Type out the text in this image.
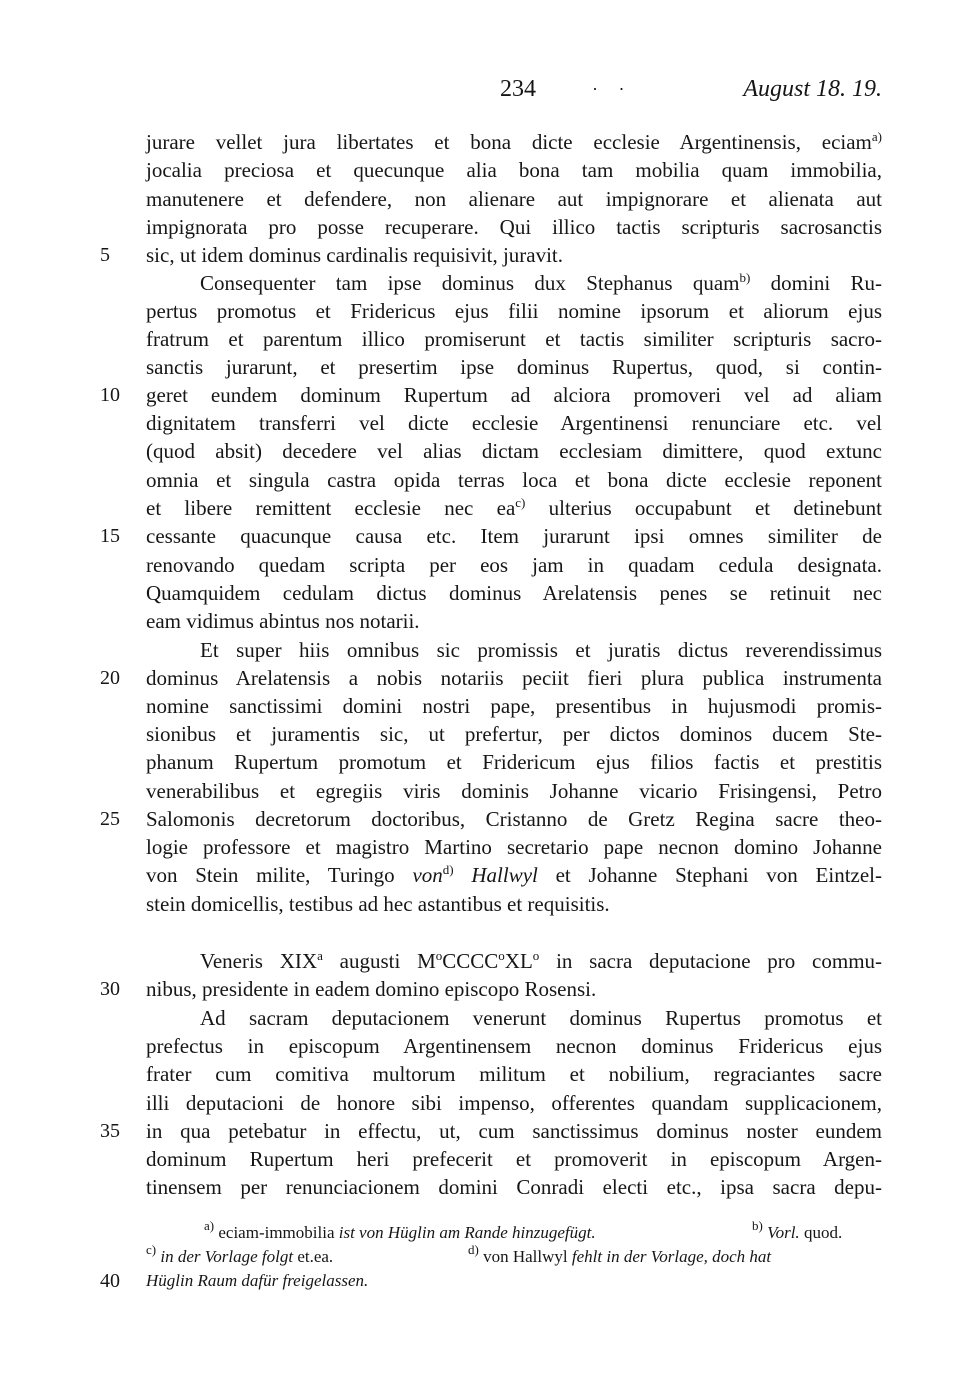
234	· ·	August 18. 19.
5
10
15
20
25
30
35
40
jurare vellet jura libertates et bona dicte ecclesie Argentinensis, eciam$^{a)}$
jocalia preciosa et quecunque alia bona tam mobilia quam immobilia,
manutenere et defendere, non alienare aut impignorare et alienata aut
impignorata pro posse recuperare. Qui illico tactis scripturis sacrosanctis
sic, ut idem dominus cardinalis requisivit, juravit.
Consequenter tam ipse dominus dux Stephanus quam$^{b)}$ domini Ru-
pertus promotus et Fridericus ejus filii nomine ipsorum et aliorum ejus
fratrum et parentum illico promiserunt et tactis similiter scripturis sacro-
sanctis jurarunt, et presertim ipse dominus Rupertus, quod, si contin-
geret eundem dominum Rupertum ad alciora promoveri vel ad aliam
dignitatem transferri vel dicte ecclesie Argentinensi renunciare etc. vel
(quod absit) decedere vel alias dictam ecclesiam dimittere, quod extunc
omnia et singula castra opida terras loca et bona dicte ecclesie reponent
et libere remittent ecclesie nec $ea^{c)}$ ulterius occupabunt et detinebunt
cessante quacunque causa etc. Item jurarunt ipsi omnes similiter de
renovando quedam scripta per eos jam in quadam cedula designata.
Quamquidem cedulam dictus dominus Arelatensis penes se retinuit nec
eam vidimus abintus nos notarii.
Et super hiis omnibus sic promissis et juratis dictus reverendissimus
dominus Arelatensis a nobis notariis peciit fieri plura publica instrumenta
nomine sanctissimi domini nostri pape, presentibus in hujusmodi promis-
sionibus et juramentis sic, ut prefertur, per dictos dominos ducem Ste-
phanum Rupertum promotum et Fridericum ejus filios factis et prestitis
venerabilibus et egregiis viris dominis Johanne vicario Frisingensi, Petro
Salomonis decretorum doctoribus, Cristanno de Gretz Regina sacre theo-
logie professore et magistro Martino secretario pape necnon domino Johanne
von Stein milite, Turingo von$^{d)}$ Hallwyl et Johanne Stephani von Eintzel-
stein domicellis, testibus ad hec astantibus et requisitis.
Veneris XIX$^a$ augusti $M^oCCCC^oXL^o$ in sacra deputacione pro commu-
nibus, presidente in eadem domino episcopo Rosensi.
Ad sacram deputacionem venerunt dominus Rupertus promotus et
prefectus in episcopum Argentinensem necnon dominus Fridericus ejus
frater cum comitiva multorum militum et nobilium, regraciantes sacre
illi deputacioni de honore sibi impenso, offerentes quandam supplicacionem,
in qua petebatur in effectu, ut, cum sanctissimus dominus noster eundem
dominum Rupertum heri prefecerit et promoverit in episcopum Argen-
tinensem per renunciacionem domini Conradi electi etc., ipsa sacra depu-
$^{a)}$ eciam-immobilia ist von Hüglin am Rande hinzugefügt.	$^{b)}$ Vorl. quod.
$^{c)}$ in der Vorlage folgt et.ea.	$^{d)}$ von Hallwyl fehlt in der Vorlage, doch hat
Hüglin Raum dafür freigelassen.
